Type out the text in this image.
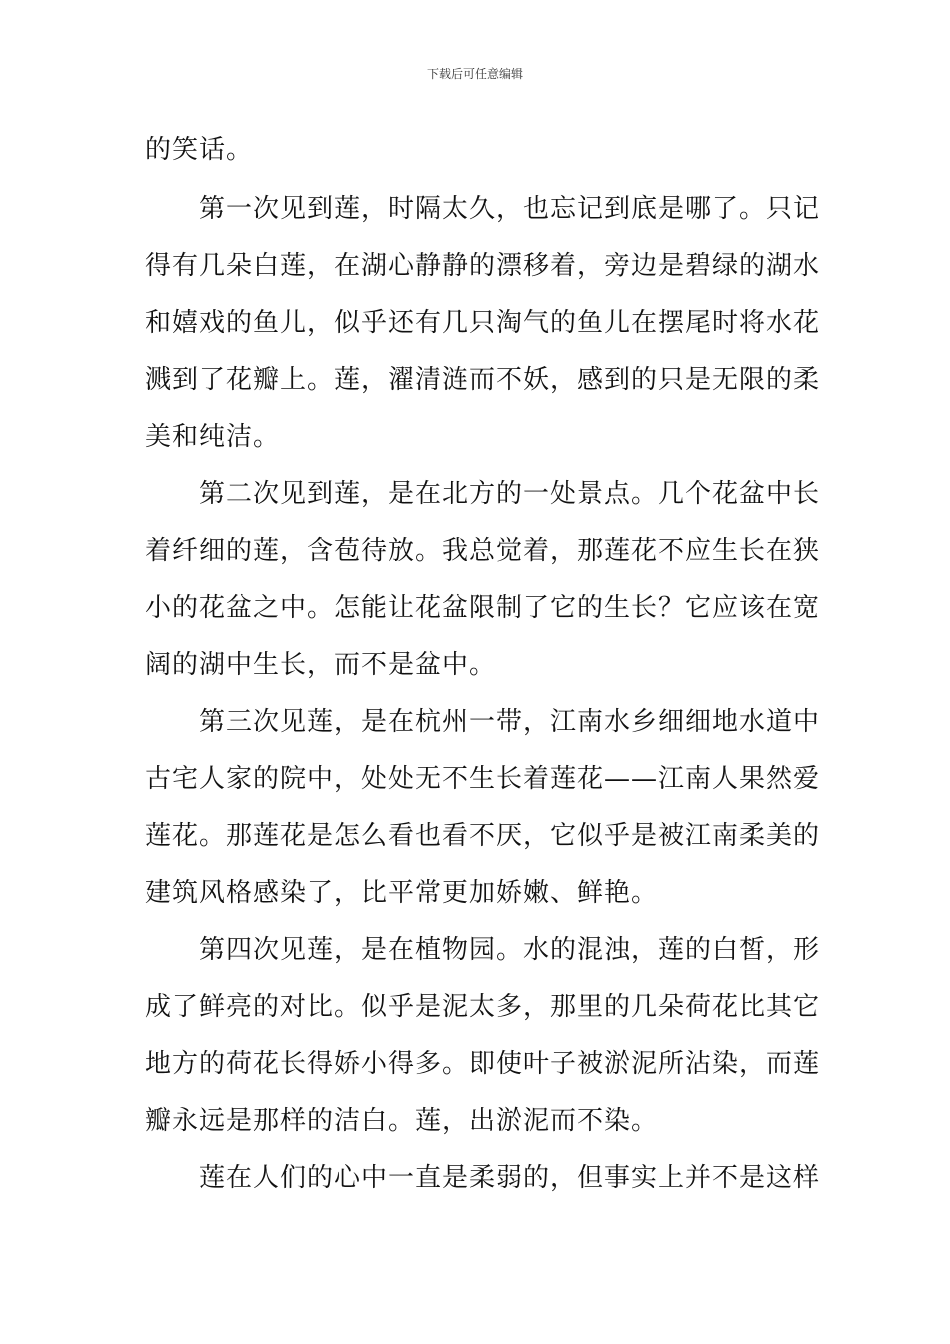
下载后可任意编辑
的笑话。
　　第一次见到莲，时隔太久，也忘记到底是哪了。只记
得有几朵白莲，在湖心静静的漂移着，旁边是碧绿的湖水
和嬉戏的鱼儿，似乎还有几只淘气的鱼儿在摆尾时将水花
溅到了花瓣上。莲，濯清涟而不妖，感到的只是无限的柔
美和纯洁。
　　第二次见到莲，是在北方的一处景点。几个花盆中长
着纤细的莲，含苞待放。我总觉着，那莲花不应生长在狭
小的花盆之中。怎能让花盆限制了它的生长？它应该在宽
阔的湖中生长，而不是盆中。
　　第三次见莲，是在杭州一带，江南水乡细细地水道中
古宅人家的院中，处处无不生长着莲花——江南人果然爱
莲花。那莲花是怎么看也看不厌，它似乎是被江南柔美的
建筑风格感染了，比平常更加娇嫩、鲜艳。
　　第四次见莲，是在植物园。水的混浊，莲的白皙，形
成了鲜亮的对比。似乎是泥太多，那里的几朵荷花比其它
地方的荷花长得娇小得多。即使叶子被淤泥所沾染，而莲
瓣永远是那样的洁白。莲，出淤泥而不染。
　　莲在人们的心中一直是柔弱的，但事实上并不是这样
